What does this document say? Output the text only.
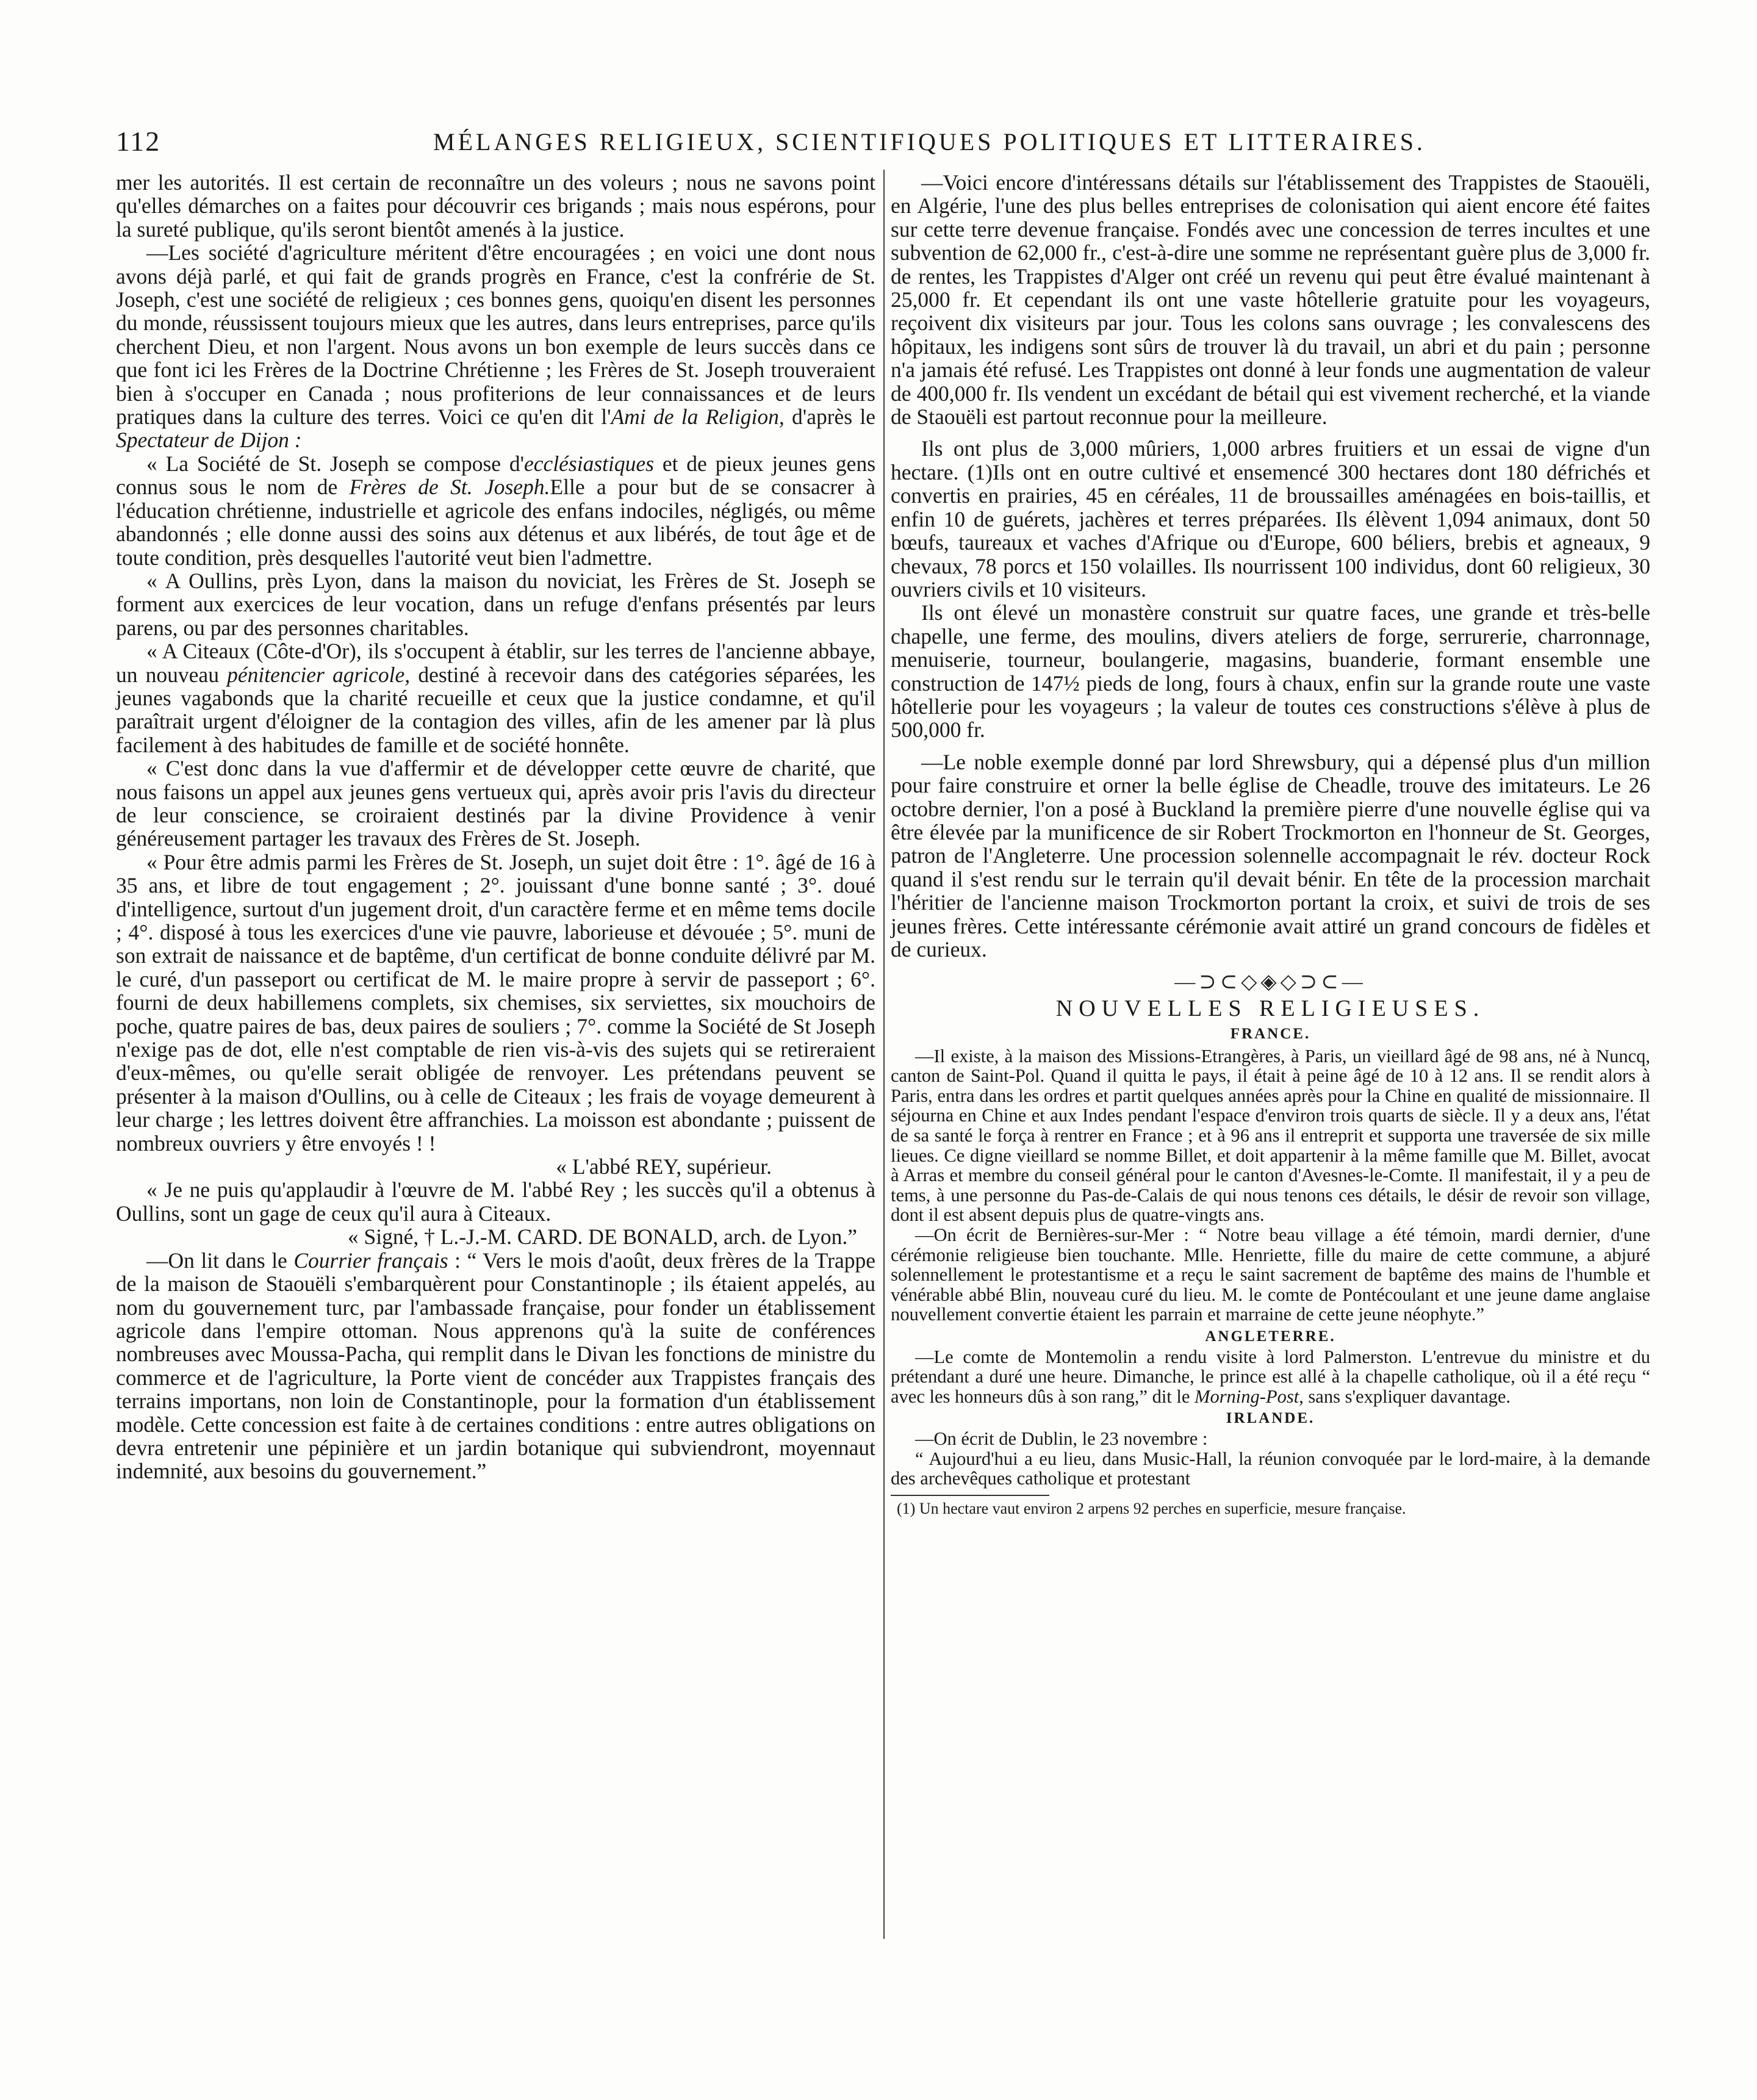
112	MÉLANGES RELIGIEUX, SCIENTIFIQUES POLITIQUES ET LITTERAIRES.

mer les autorités. Il est certain de reconnaître un des voleurs ; nous ne savons point qu'elles démarches on a faites pour découvrir ces brigands ; mais nous espérons, pour la sureté publique, qu'ils seront bientôt amenés à la justice.

—Les société d'agriculture méritent d'être encouragées ; en voici une dont nous avons déjà parlé, et qui fait de grands progrès en France, c'est la confrérie de St. Joseph, c'est une société de religieux ; ces bonnes gens, quoiqu'en disent les personnes du monde, réussissent toujours mieux que les autres, dans leurs entreprises, parce qu'ils cherchent Dieu, et non l'argent. Nous avons un bon exemple de leurs succès dans ce que font ici les Frères de la Doctrine Chrétienne ; les Frères de St. Joseph trouveraient bien à s'occuper en Canada ; nous profiterions de leur connaissances et de leurs pratiques dans la culture des terres. Voici ce qu'en dit l'Ami de la Religion, d'après le Spectateur de Dijon :

« La Société de St. Joseph se compose d'ecclésiastiques et de pieux jeunes gens connus sous le nom de Frères de St. Joseph.Elle a pour but de se consacrer à l'éducation chrétienne, industrielle et agricole des enfans indociles, négligés, ou même abandonnés ; elle donne aussi des soins aux détenus et aux libérés, de tout âge et de toute condition, près desquelles l'autorité veut bien l'admettre.

« A Oullins, près Lyon, dans la maison du noviciat, les Frères de St. Joseph se forment aux exercices de leur vocation, dans un refuge d'enfans présentés par leurs parens, ou par des personnes charitables.

« A Citeaux (Côte-d'Or), ils s'occupent à établir, sur les terres de l'ancienne abbaye, un nouveau pénitencier agricole, destiné à recevoir dans des catégories séparées, les jeunes vagabonds que la charité recueille et ceux que la justice condamne, et qu'il paraîtrait urgent d'éloigner de la contagion des villes, afin de les amener par là plus facilement à des habitudes de famille et de société honnête.

« C'est donc dans la vue d'affermir et de développer cette œuvre de charité, que nous faisons un appel aux jeunes gens vertueux qui, après avoir pris l'avis du directeur de leur conscience, se croiraient destinés par la divine Providence à venir généreusement partager les travaux des Frères de St. Joseph.

« Pour être admis parmi les Frères de St. Joseph, un sujet doit être : 1°. âgé de 16 à 35 ans, et libre de tout engagement ; 2°. jouissant d'une bonne santé ; 3°. doué d'intelligence, surtout d'un jugement droit, d'un caractère ferme et en même tems docile ; 4°. disposé à tous les exercices d'une vie pauvre, laborieuse et dévouée ; 5°. muni de son extrait de naissance et de baptême, d'un certificat de bonne conduite délivré par M. le curé, d'un passeport ou certificat de M. le maire propre à servir de passeport ; 6°. fourni de deux habillemens complets, six chemises, six serviettes, six mouchoirs de poche, quatre paires de bas, deux paires de souliers ; 7°. comme la Société de St Joseph n'exige pas de dot, elle n'est comptable de rien vis-à-vis des sujets qui se retireraient d'eux-mêmes, ou qu'elle serait obligée de renvoyer. Les prétendans peuvent se présenter à la maison d'Oullins, ou à celle de Citeaux ; les frais de voyage demeurent à leur charge ; les lettres doivent être affranchies. La moisson est abondante ; puissent de nombreux ouvriers y être envoyés ! !

« L'abbé REY, supérieur.

« Je ne puis qu'applaudir à l'œuvre de M. l'abbé Rey ; les succès qu'il a obtenus à Oullins, sont un gage de ceux qu'il aura à Citeaux.

« Signé, † L.-J.-M. CARD. DE BONALD, arch. de Lyon.”

—On lit dans le Courrier français : “ Vers le mois d'août, deux frères de la Trappe de la maison de Staouëli s'embarquèrent pour Constantinople ; ils étaient appelés, au nom du gouvernement turc, par l'ambassade française, pour fonder un établissement agricole dans l'empire ottoman. Nous apprenons qu'à la suite de conférences nombreuses avec Moussa-Pacha, qui remplit dans le Divan les fonctions de ministre du commerce et de l'agriculture, la Porte vient de concéder aux Trappistes français des terrains importans, non loin de Constantinople, pour la formation d'un établissement modèle. Cette concession est faite à de certaines conditions : entre autres obligations on devra entretenir une pépinière et un jardin botanique qui subviendront, moyennaut indemnité, aux besoins du gouvernement.”

—Voici encore d'intéressans détails sur l'établissement des Trappistes de Staouëli, en Algérie, l'une des plus belles entreprises de colonisation qui aient encore été faites sur cette terre devenue française. Fondés avec une concession de terres incultes et une subvention de 62,000 fr., c'est-à-dire une somme ne représentant guère plus de 3,000 fr. de rentes, les Trappistes d'Alger ont créé un revenu qui peut être évalué maintenant à 25,000 fr. Et cependant ils ont une vaste hôtellerie gratuite pour les voyageurs, reçoivent dix visiteurs par jour. Tous les colons sans ouvrage ; les convalescens des hôpitaux, les indigens sont sûrs de trouver là du travail, un abri et du pain ; personne n'a jamais été refusé. Les Trappistes ont donné à leur fonds une augmentation de valeur de 400,000 fr. Ils vendent un excédant de bétail qui est vivement recherché, et la viande de Staouëli est partout reconnue pour la meilleure.

Ils ont plus de 3,000 mûriers, 1,000 arbres fruitiers et un essai de vigne d'un hectare. (1)Ils ont en outre cultivé et ensemencé 300 hectares dont 180 défrichés et convertis en prairies, 45 en céréales, 11 de broussailles aménagées en bois-taillis, et enfin 10 de guérets, jachères et terres préparées. Ils élèvent 1,094 animaux, dont 50 bœufs, taureaux et vaches d'Afrique ou d'Europe, 600 béliers, brebis et agneaux, 9 chevaux, 78 porcs et 150 volailles. Ils nourrissent 100 individus, dont 60 religieux, 30 ouvriers civils et 10 visiteurs.

Ils ont élevé un monastère construit sur quatre faces, une grande et très-belle chapelle, une ferme, des moulins, divers ateliers de forge, serrurerie, charronnage, menuiserie, tourneur, boulangerie, magasins, buanderie, formant ensemble une construction de 147½ pieds de long, fours à chaux, enfin sur la grande route une vaste hôtellerie pour les voyageurs ; la valeur de toutes ces constructions s'élève à plus de 500,000 fr.

—Le noble exemple donné par lord Shrewsbury, qui a dépensé plus d'un million pour faire construire et orner la belle église de Cheadle, trouve des imitateurs. Le 26 octobre dernier, l'on a posé à Buckland la première pierre d'une nouvelle église qui va être élevée par la munificence de sir Robert Trockmorton en l'honneur de St. Georges, patron de l'Angleterre. Une procession solennelle accompagnait le rév. docteur Rock quand il s'est rendu sur le terrain qu'il devait bénir. En tête de la procession marchait l'héritier de l'ancienne maison Trockmorton portant la croix, et suivi de trois de ses jeunes frères. Cette intéressante cérémonie avait attiré un grand concours de fidèles et de curieux.

—⊃⊂◇◈◇⊃⊂—
NOUVELLES RELIGIEUSES.
FRANCE.

—Il existe, à la maison des Missions-Etrangères, à Paris, un vieillard âgé de 98 ans, né à Nuncq, canton de Saint-Pol. Quand il quitta le pays, il était à peine âgé de 10 à 12 ans. Il se rendit alors à Paris, entra dans les ordres et partit quelques années après pour la Chine en qualité de missionnaire. Il séjourna en Chine et aux Indes pendant l'espace d'environ trois quarts de siècle. Il y a deux ans, l'état de sa santé le força à rentrer en France ; et à 96 ans il entreprit et supporta une traversée de six mille lieues. Ce digne vieillard se nomme Billet, et doit appartenir à la même famille que M. Billet, avocat à Arras et membre du conseil général pour le canton d'Avesnes-le-Comte. Il manifestait, il y a peu de tems, à une personne du Pas-de-Calais de qui nous tenons ces détails, le désir de revoir son village, dont il est absent depuis plus de quatre-vingts ans.

—On écrit de Bernières-sur-Mer : “ Notre beau village a été témoin, mardi dernier, d'une cérémonie religieuse bien touchante. Mlle. Henriette, fille du maire de cette commune, a abjuré solennellement le protestantisme et a reçu le saint sacrement de baptême des mains de l'humble et vénérable abbé Blin, nouveau curé du lieu. M. le comte de Pontécoulant et une jeune dame anglaise nouvellement convertie étaient les parrain et marraine de cette jeune néophyte.”

ANGLETERRE.

—Le comte de Montemolin a rendu visite à lord Palmerston. L'entrevue du ministre et du prétendant a duré une heure. Dimanche, le prince est allé à la chapelle catholique, où il a été reçu “ avec les honneurs dûs à son rang,” dit le Morning-Post, sans s'expliquer davantage.

IRLANDE.

—On écrit de Dublin, le 23 novembre :

“ Aujourd'hui a eu lieu, dans Music-Hall, la réunion convoquée par le lord-maire, à la demande des archevêques catholique et protestant

(1) Un hectare vaut environ 2 arpens 92 perches en superficie, mesure française.
